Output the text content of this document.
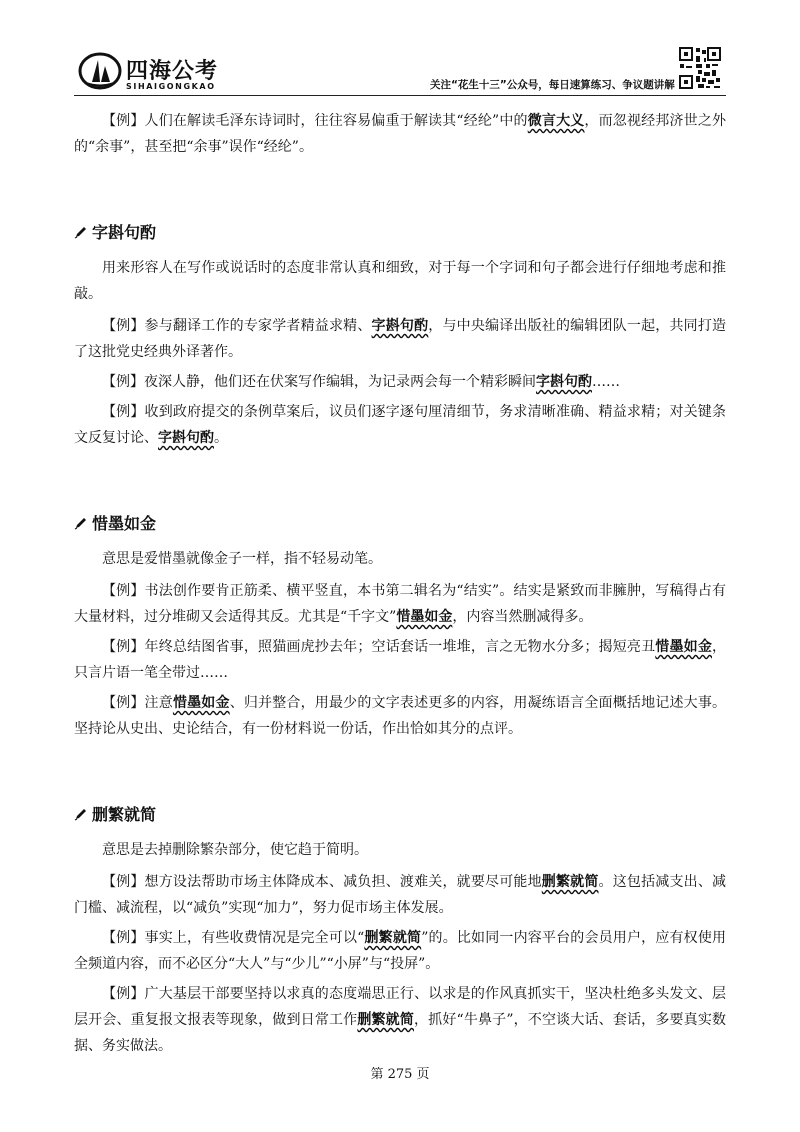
四海公考
SIHAIGONGKAO	关注“花生十三”公众号，每日速算练习、争议题讲解

【例】人们在解读毛泽东诗词时，往往容易偏重于解读其“经纶”中的微言大义，而忽视经邦济世之外的“余事”，甚至把“余事”误作“经纶”。

字斟句酌

用来形容人在写作或说话时的态度非常认真和细致，对于每一个字词和句子都会进行仔细地考虑和推敲。

【例】参与翻译工作的专家学者精益求精、字斟句酌，与中央编译出版社的编辑团队一起，共同打造了这批党史经典外译著作。

【例】夜深人静，他们还在伏案写作编辑，为记录两会每一个精彩瞬间字斟句酌……

【例】收到政府提交的条例草案后，议员们逐字逐句厘清细节，务求清晰准确、精益求精；对关键条文反复讨论、字斟句酌。

惜墨如金

意思是爱惜墨就像金子一样，指不轻易动笔。

【例】书法创作要肯正筋柔、横平竖直，本书第二辑名为“结实”。结实是紧致而非臃肿，写稿得占有大量材料，过分堆砌又会适得其反。尤其是“千字文”惜墨如金，内容当然删减得多。

【例】年终总结图省事，照猫画虎抄去年；空话套话一堆堆，言之无物水分多；揭短亮丑惜墨如金，只言片语一笔全带过……

【例】注意惜墨如金、归并整合，用最少的文字表述更多的内容，用凝练语言全面概括地记述大事。坚持论从史出、史论结合，有一份材料说一份话，作出恰如其分的点评。

删繁就简

意思是去掉删除繁杂部分，使它趋于简明。

【例】想方设法帮助市场主体降成本、减负担、渡难关，就要尽可能地删繁就简。这包括减支出、减门槛、减流程，以“减负”实现“加力”，努力促市场主体发展。

【例】事实上，有些收费情况是完全可以“删繁就简”的。比如同一内容平台的会员用户，应有权使用全频道内容，而不必区分“大人”与“少儿”“小屏”与“投屏”。

【例】广大基层干部要坚持以求真的态度端思正行、以求是的作风真抓实干，坚决杜绝多头发文、层层开会、重复报文报表等现象，做到日常工作删繁就简，抓好“牛鼻子”，不空谈大话、套话，多要真实数据、务实做法。

第 275 页
